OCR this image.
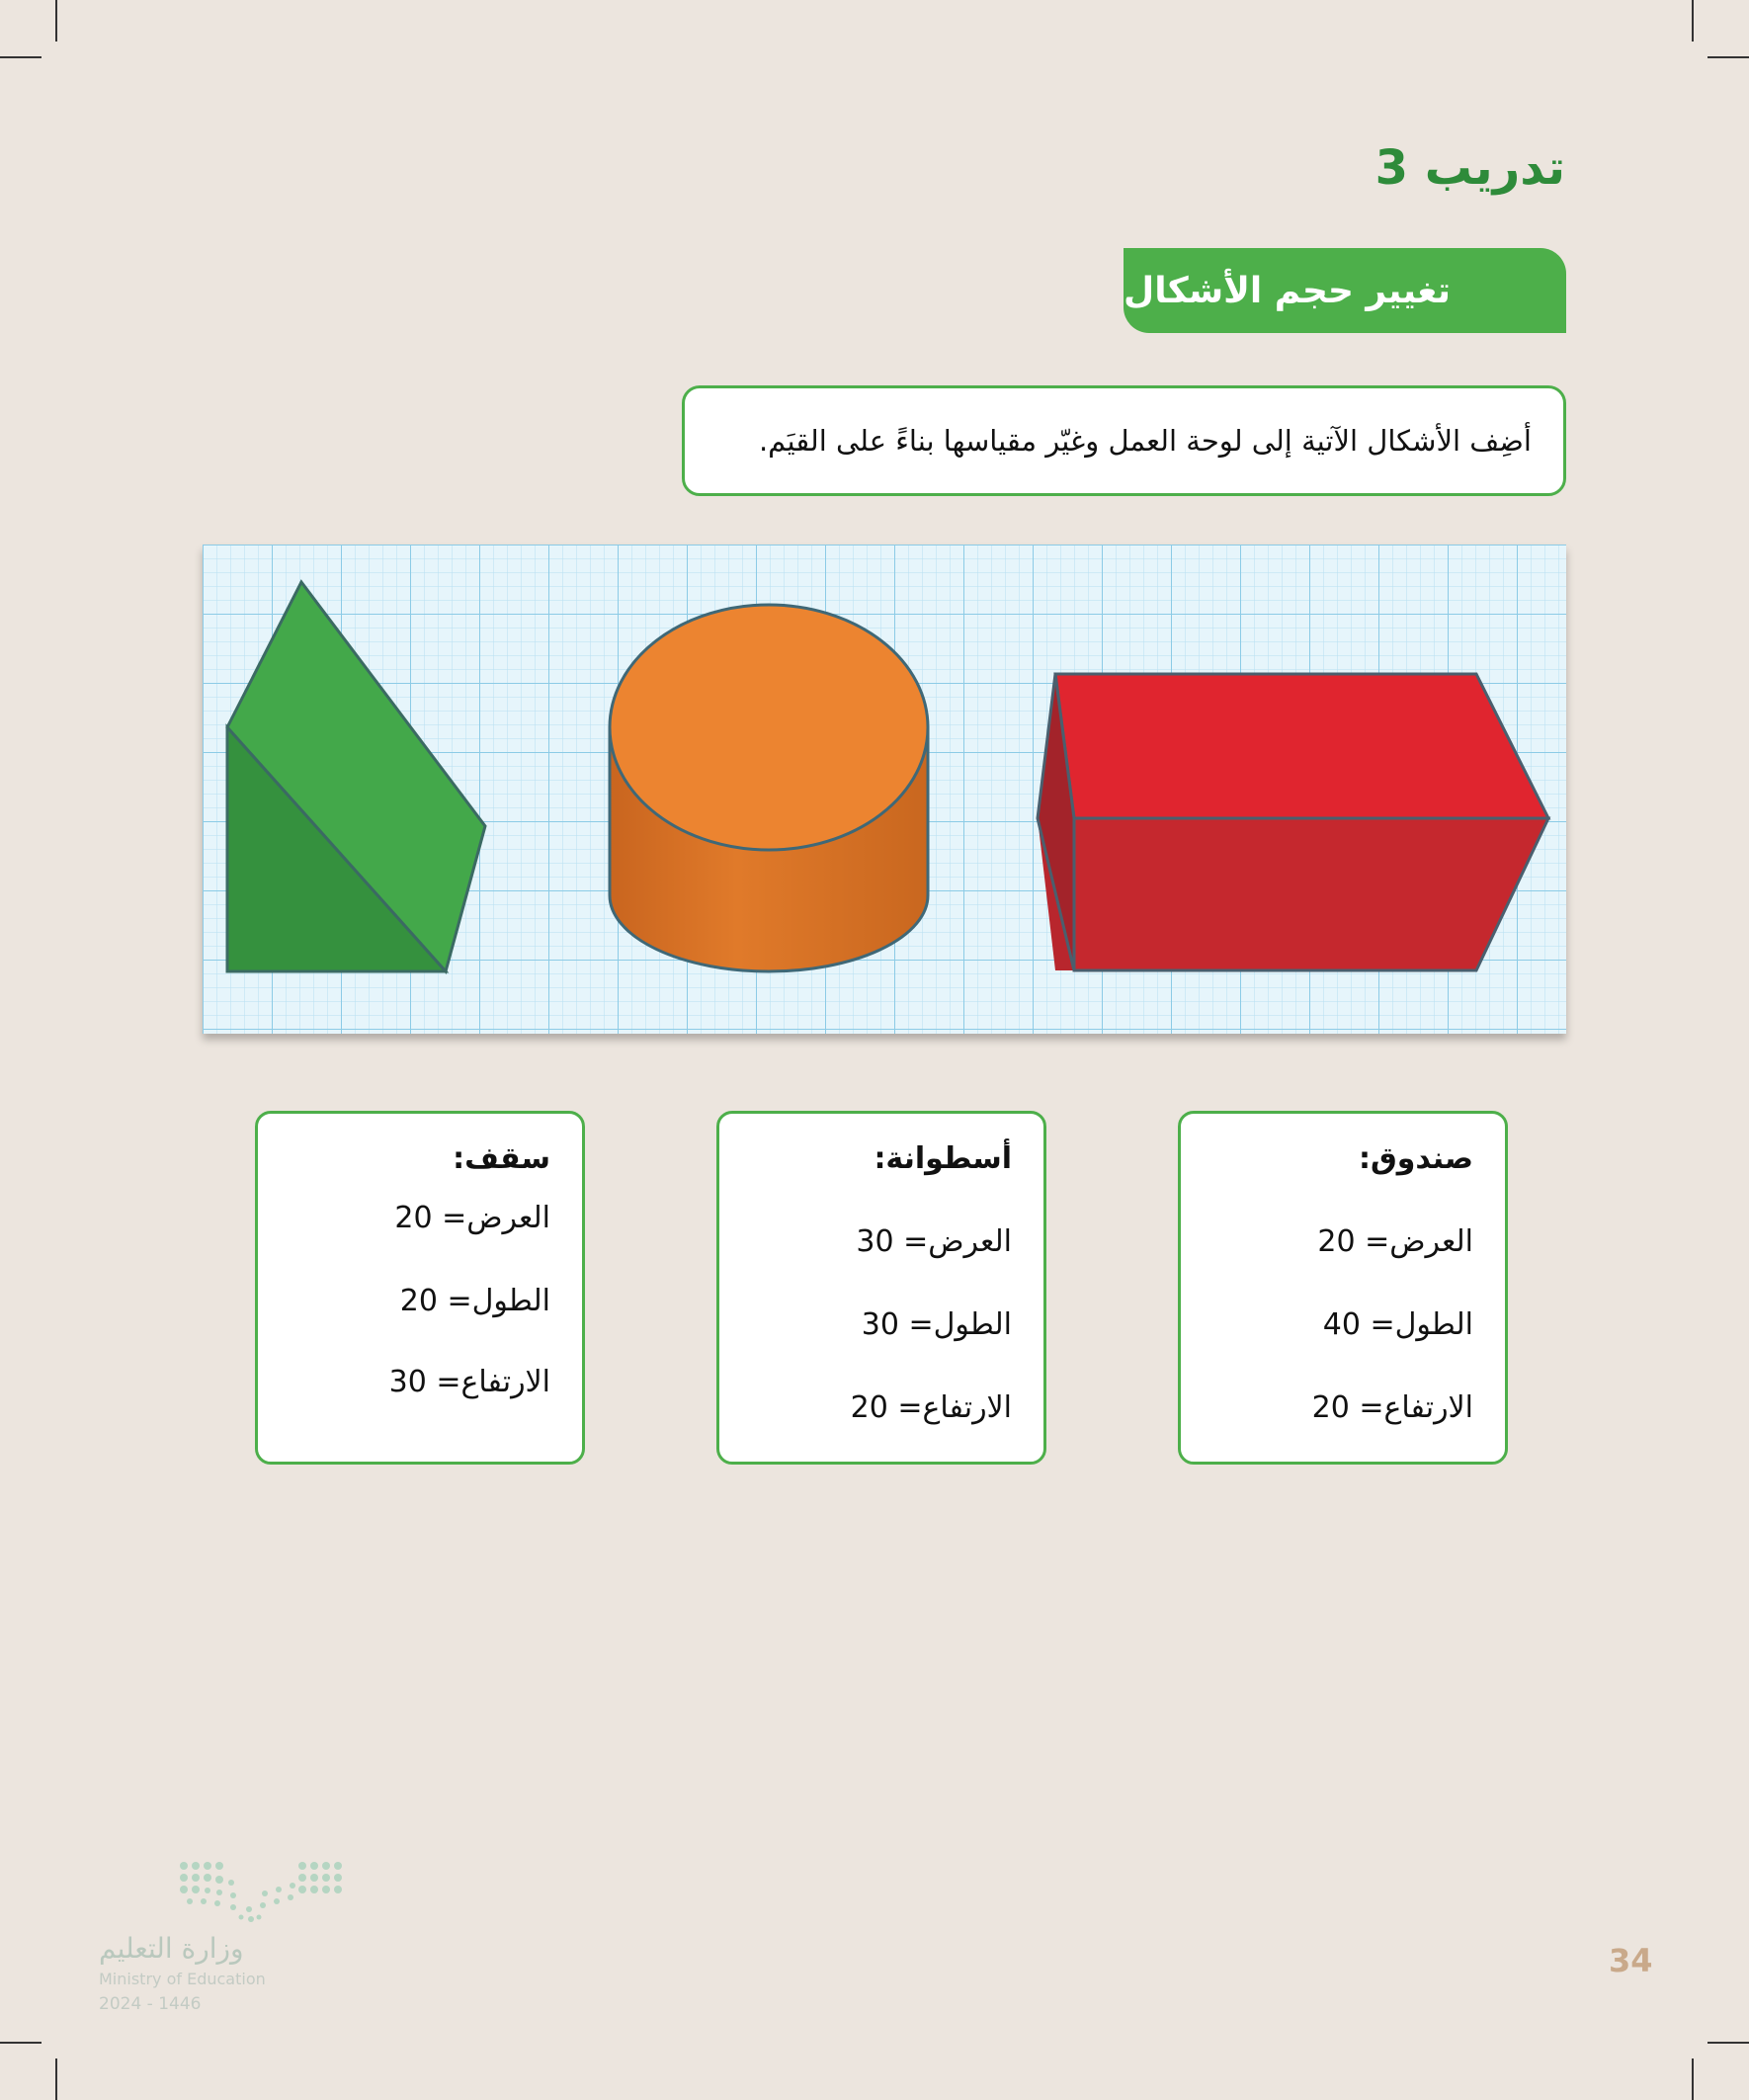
تدريب 3
تغيير حجم الأشكال
أضِف الأشكال الآتية إلى لوحة العمل وغيّر مقياسها بناءً على القيَم.
صندوق:
العرض= 20
الطول= 40
الارتفاع= 20
أسطوانة:
العرض= 30
الطول= 30
الارتفاع= 20
سقف:
العرض= 20
الطول= 20
الارتفاع= 30
وزارة التعليم
Ministry of Education
2024 - 1446
34
